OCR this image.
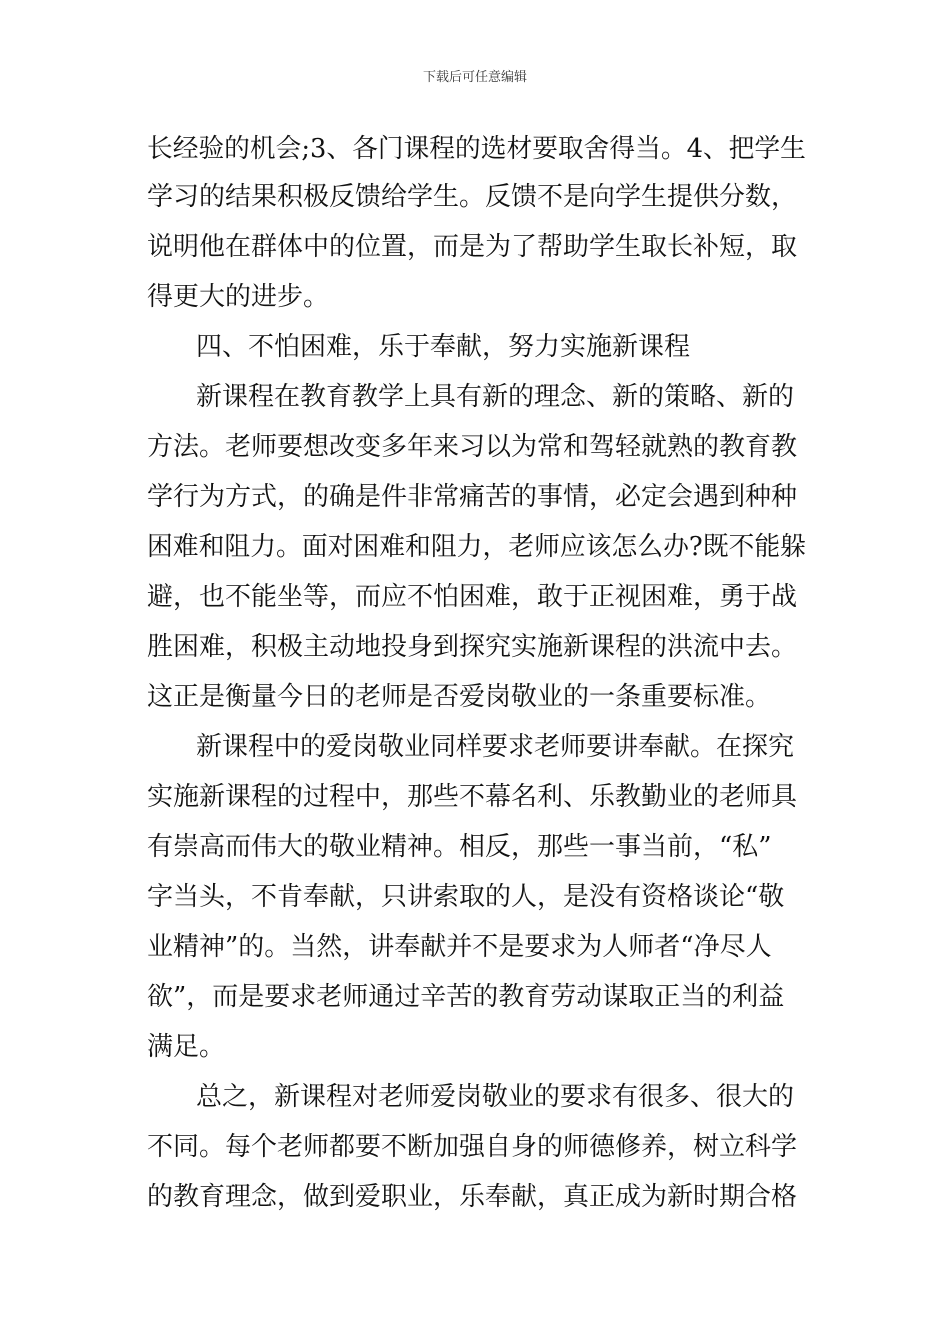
下载后可任意编辑
长经验的机会;3、各门课程的选材要取舍得当。4、把学生
学习的结果积极反馈给学生。反馈不是向学生提供分数，
说明他在群体中的位置，而是为了帮助学生取长补短，取
得更大的进步。
四、不怕困难，乐于奉献，努力实施新课程
新课程在教育教学上具有新的理念、新的策略、新的
方法。老师要想改变多年来习以为常和驾轻就熟的教育教
学行为方式，的确是件非常痛苦的事情，必定会遇到种种
困难和阻力。面对困难和阻力，老师应该怎么办?既不能躲
避，也不能坐等，而应不怕困难，敢于正视困难，勇于战
胜困难，积极主动地投身到探究实施新课程的洪流中去。
这正是衡量今日的老师是否爱岗敬业的一条重要标准。
新课程中的爱岗敬业同样要求老师要讲奉献。在探究
实施新课程的过程中，那些不幕名利、乐教勤业的老师具
有崇高而伟大的敬业精神。相反，那些一事当前，“私”
字当头，不肯奉献，只讲索取的人，是没有资格谈论“敬
业精神”的。当然，讲奉献并不是要求为人师者“净尽人
欲”，而是要求老师通过辛苦的教育劳动谋取正当的利益
满足。
总之，新课程对老师爱岗敬业的要求有很多、很大的
不同。每个老师都要不断加强自身的师德修养，树立科学
的教育理念，做到爱职业，乐奉献，真正成为新时期合格
